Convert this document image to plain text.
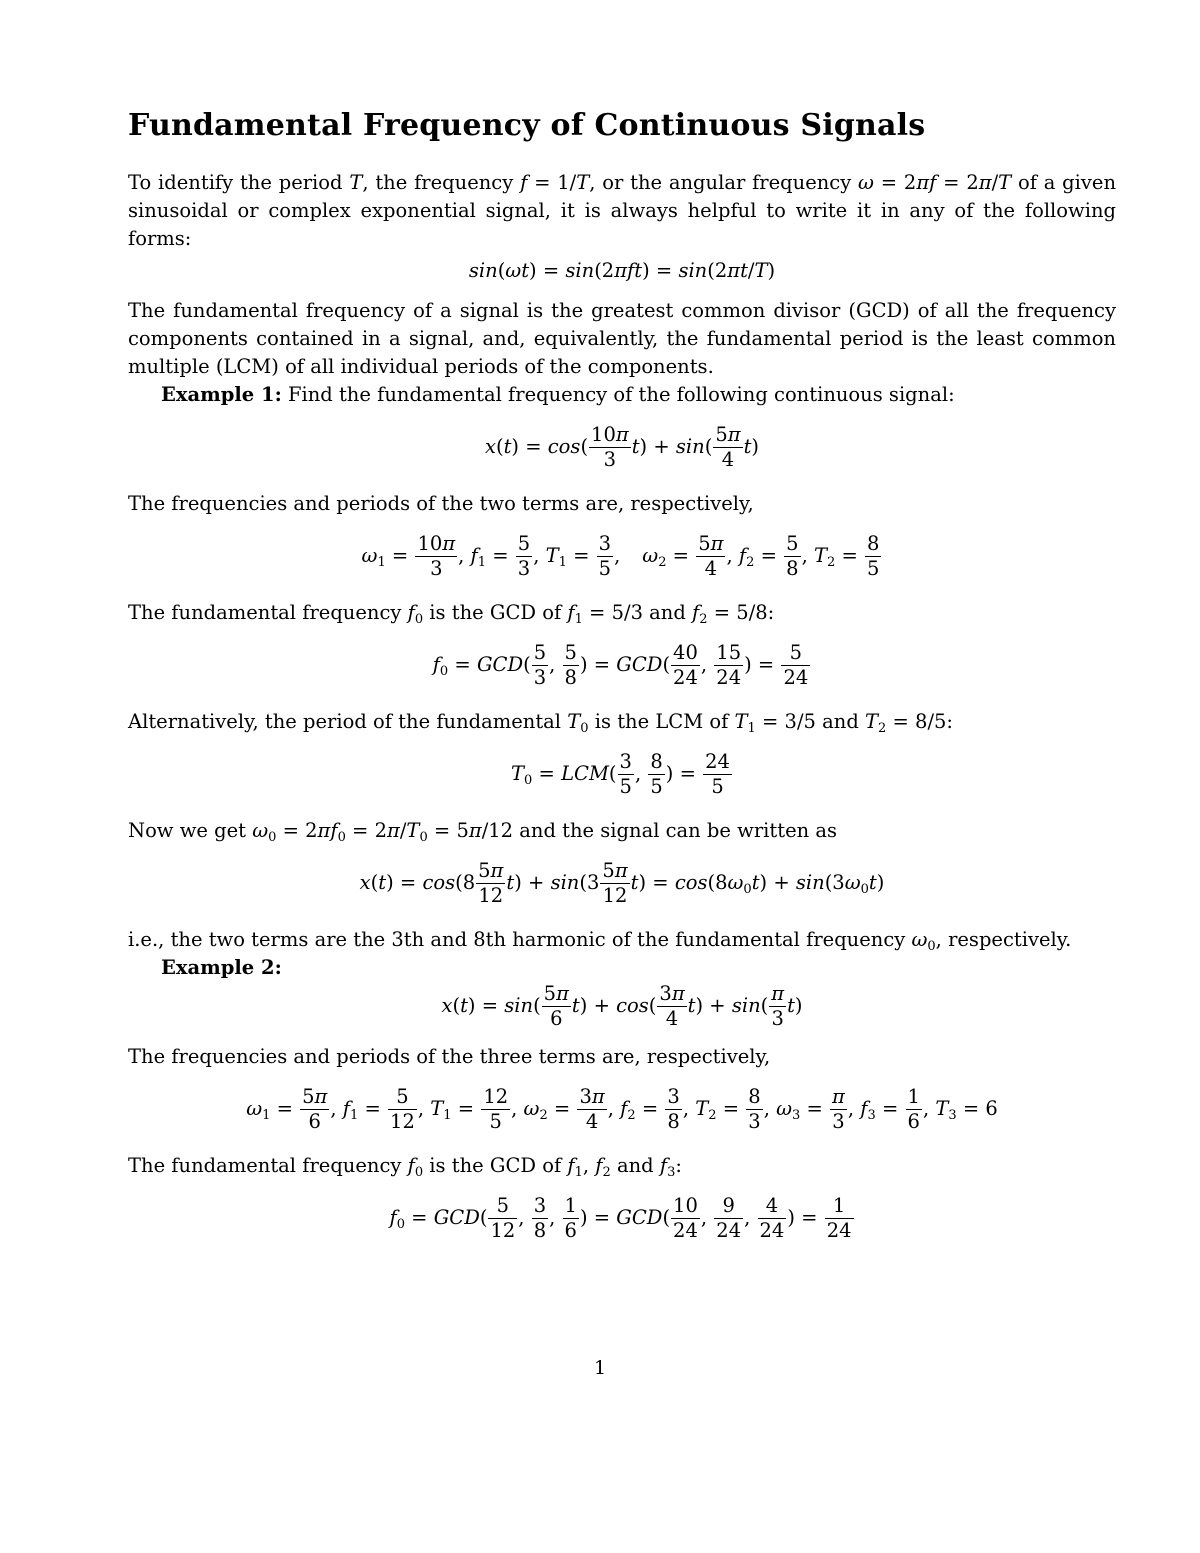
Fundamental Frequency of Continuous Signals

To identify the period T, the frequency f = 1/T, or the angular frequency ω = 2πf = 2π/T of a given sinusoidal or complex exponential signal, it is always helpful to write it in any of the following forms:

sin(ωt) = sin(2πft) = sin(2πt/T)

The fundamental frequency of a signal is the greatest common divisor (GCD) of all the frequency components contained in a signal, and, equivalently, the fundamental period is the least common multiple (LCM) of all individual periods of the components.

Example 1: Find the fundamental frequency of the following continuous signal:

$x(t) = \cos( \frac{10\pi}{3} t) + \sin( \frac{5\pi}{4} t)$

The frequencies and periods of the two terms are, respectively,

$\omega_1 = \frac{10\pi}{3}$ , $f_1 = \frac{5}{3}$ , $T_1 = \frac{3}{5}$ , $\omega_2 = \frac{5\pi}{4}$ , $f_2 = \frac{5}{8}$ , $T_2 = \frac{8}{5}$

The fundamental frequency $f_0$ is the GCD of $f_1 = 5/3$ and $f_2 = 5/8$:

$f_0 = GCD( \frac{5}{3}$ , $\frac{5}{8}$ ) = $GCD( \frac{40}{24}$ , $\frac{15}{24}$ ) = $\frac{5}{24}$

Alternatively, the period of the fundamental $T_0$ is the LCM of $T_1 = 3/5$ and $T_2 = 8/5$:

$T_0 = LCM( \frac{3}{5}$ , $\frac{8}{5}$ ) = $\frac{24}{5}$

Now we get $\omega_0 = 2\pi f_0 = 2\pi/T_0 = 5\pi/12$ and the signal can be written as

$x(t) = \cos(8 \frac{5\pi}{12} t) + \sin(3 \frac{5\pi}{12} t) = \cos(8\omega_0t) + \sin(3\omega_0t)$

i.e., the two terms are the 3th and 8th harmonic of the fundamental frequency $\omega_0$, respectively.

Example 2:

$x(t) = \sin( \frac{5\pi}{6} t) + \cos( \frac{3\pi}{4} t) + \sin( \frac{\pi}{3} t)$

The frequencies and periods of the three terms are, respectively,

$\omega_1 = \frac{5\pi}{6}$ , $f_1 = \frac{5}{12}$ , $T_1 = \frac{12}{5}$ , $\omega_2 = \frac{3\pi}{4}$ , $f_2 = \frac{3}{8}$ , $T_2 = \frac{8}{3}$ , $\omega_3 = \frac{\pi}{3}$ , $f_3 = \frac{1}{6}$ , $T_3 = 6$

The fundamental frequency $f_0$ is the GCD of $f_1$, $f_2$ and $f_3$:

$f_0 = GCD( \frac{5}{12}$ , $\frac{3}{8}$ , $\frac{1}{6}$ ) = $GCD( \frac{10}{24}$ , $\frac{9}{24}$ , $\frac{4}{24}$ ) = $\frac{1}{24}$
1
